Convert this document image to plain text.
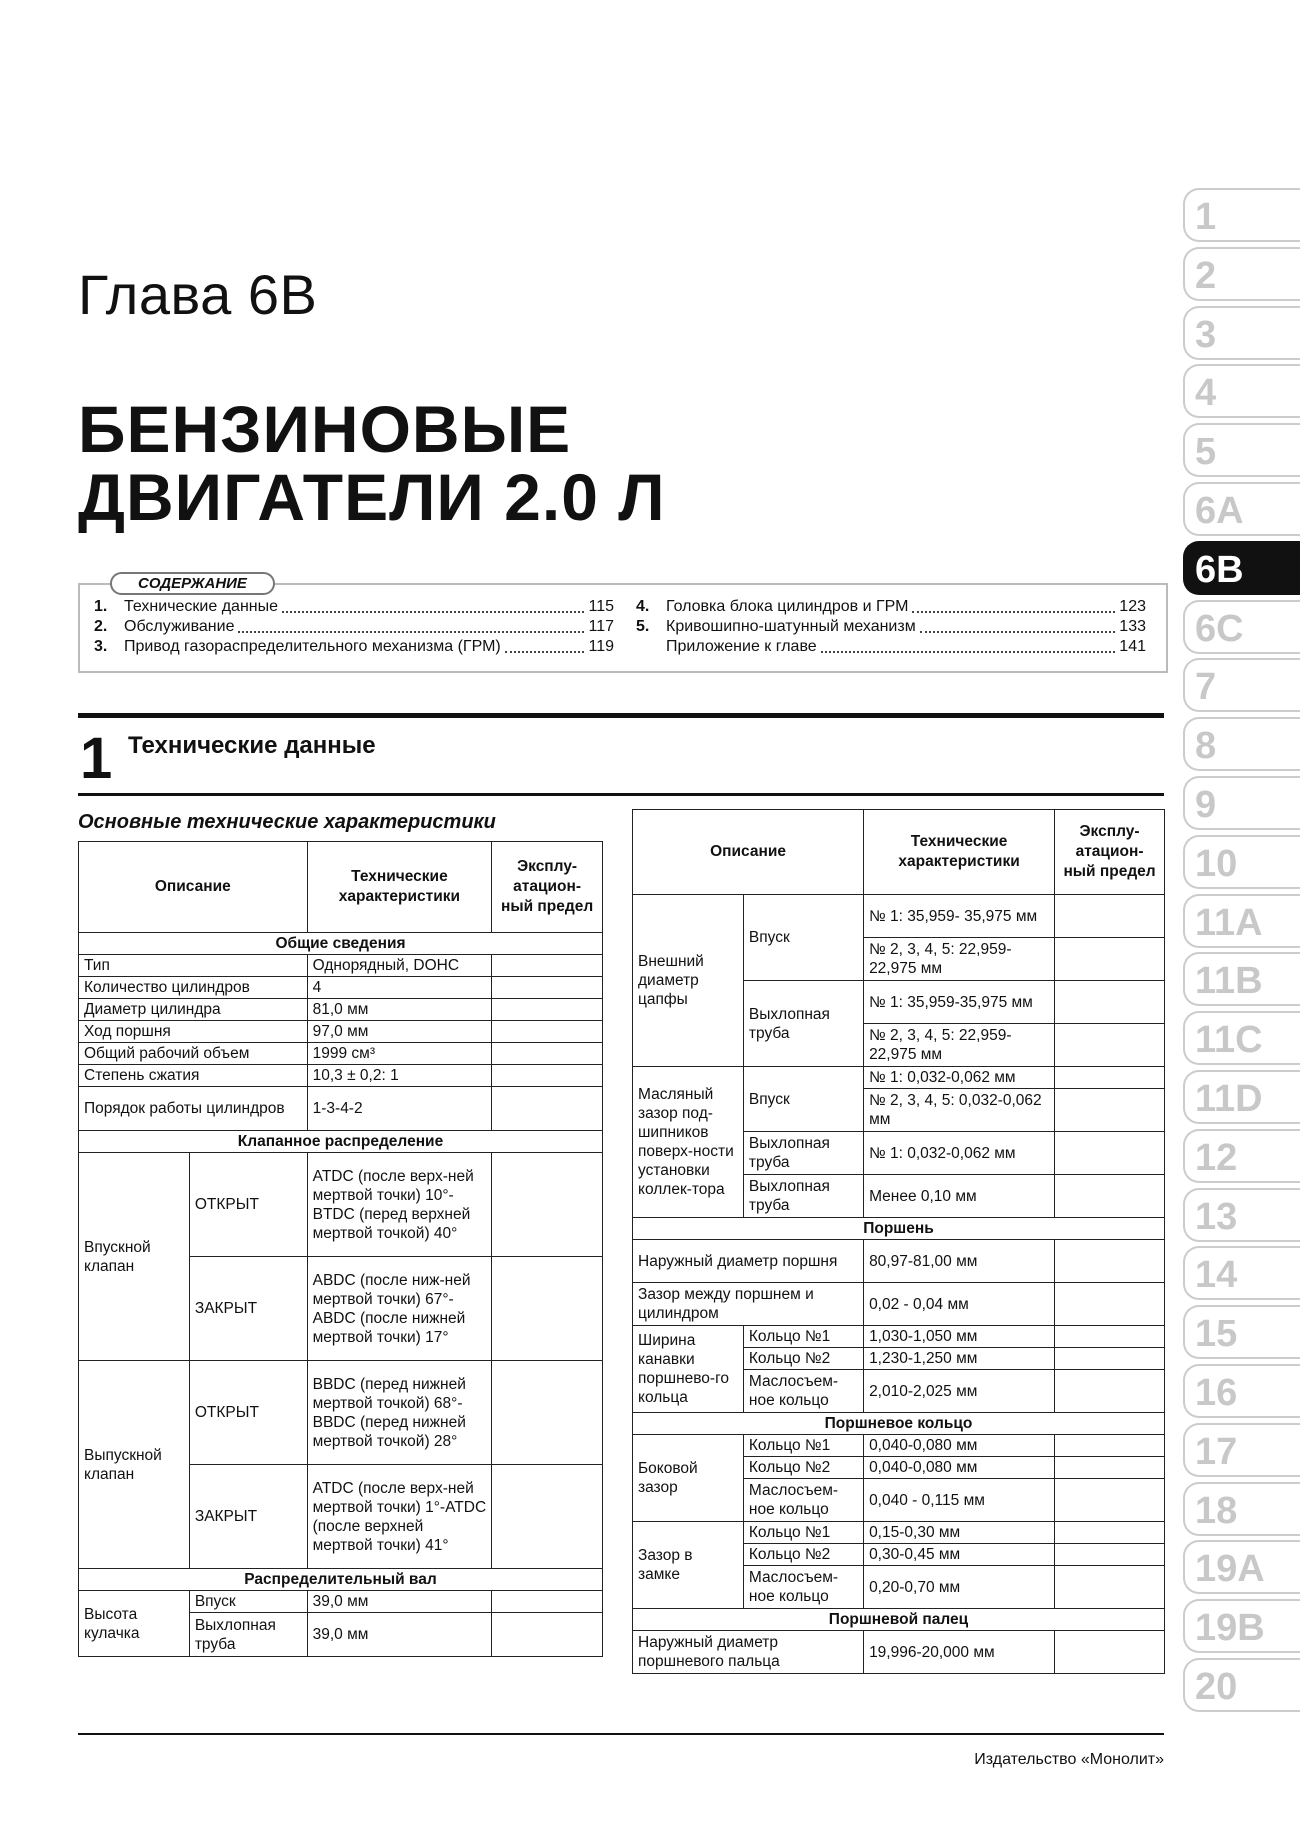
Глава 6В
БЕНЗИНОВЫЕ
ДВИГАТЕЛИ 2.0 Л
СОДЕРЖАНИЕ
1.	Технические данные	115
2.	Обслуживание	117
3.	Привод газораспределительного механизма (ГРМ)	119
4.	Головка блока цилиндров и ГРМ	123
5.	Кривошипно-шатунный механизм	133
Приложение к главе	141
1 Технические данные
Основные технические характеристики
Описание		Технические характеристики	Эксплу-атацион-ный предел
Общие сведения			
Тип		Однорядный, DOHC	
Количество цилиндров		4	
Диаметр цилиндра		81,0 мм	
Ход поршня		97,0 мм	
Общий рабочий объем		1999 см³	
Степень сжатия		10,3 ± 0,2: 1	
Порядок работы цилиндров		1-3-4-2	
Клапанное распределение			
Впускной клапан	ОТКРЫТ	ATDC (после верх-ней мертвой точки) 10°-BTDC (перед верхней мертвой точкой) 40°	
	ЗАКРЫТ	ABDC (после ниж-ней мертвой точки) 67°-ABDC (после нижней мертвой точки) 17°	
Выпускной клапан	ОТКРЫТ	BBDC (перед нижней мертвой точкой) 68°-BBDC (перед нижней мертвой точкой) 28°	
	ЗАКРЫТ	ATDC (после верх-ней мертвой точки) 1°-ATDC (после верхней мертвой точки) 41°	
Распределительный вал			
Высота кулачка	Впуск	39,0 мм	
	Выхлопная труба	39,0 мм	
Описание		Технические характеристики	Эксплу-атацион-ный предел
Внешний диаметр цапфы	Впуск	№ 1: 35,959- 35,975 мм	
		№ 2, 3, 4, 5: 22,959-22,975 мм	
	Выхлопная труба	№ 1: 35,959-35,975 мм	
		№ 2, 3, 4, 5: 22,959-22,975 мм	
Масляный зазор под-шипников поверх-ности установки коллек-тора	Впуск	№ 1: 0,032-0,062 мм	
		№ 2, 3, 4, 5: 0,032-0,062 мм	
	Выхлопная труба	№ 1: 0,032-0,062 мм	
	Выхлопная труба	Менее 0,10 мм	
Поршень			
Наружный диаметр поршня		80,97-81,00 мм	
Зазор между поршнем и цилиндром		0,02 - 0,04 мм	
Ширина канавки поршнево-го кольца	Кольцо №1	1,030-1,050 мм	
	Кольцо №2	1,230-1,250 мм	
	Маслосъем-ное кольцо	2,010-2,025 мм	
Поршневое кольцо			
Боковой зазор	Кольцо №1	0,040-0,080 мм	
	Кольцо №2	0,040-0,080 мм	
	Маслосъем-ное кольцо	0,040 - 0,115 мм	
Зазор в замке	Кольцо №1	0,15-0,30 мм	
	Кольцо №2	0,30-0,45 мм	
	Маслосъем-ное кольцо	0,20-0,70 мм	
Поршневой палец			
Наружный диаметр поршневого пальца		19,996-20,000 мм	
Издательство «Монолит»
1
2
3
4
5
6A
6B
6C
7
8
9
10
11A
11B
11C
11D
12
13
14
15
16
17
18
19A
19B
20
